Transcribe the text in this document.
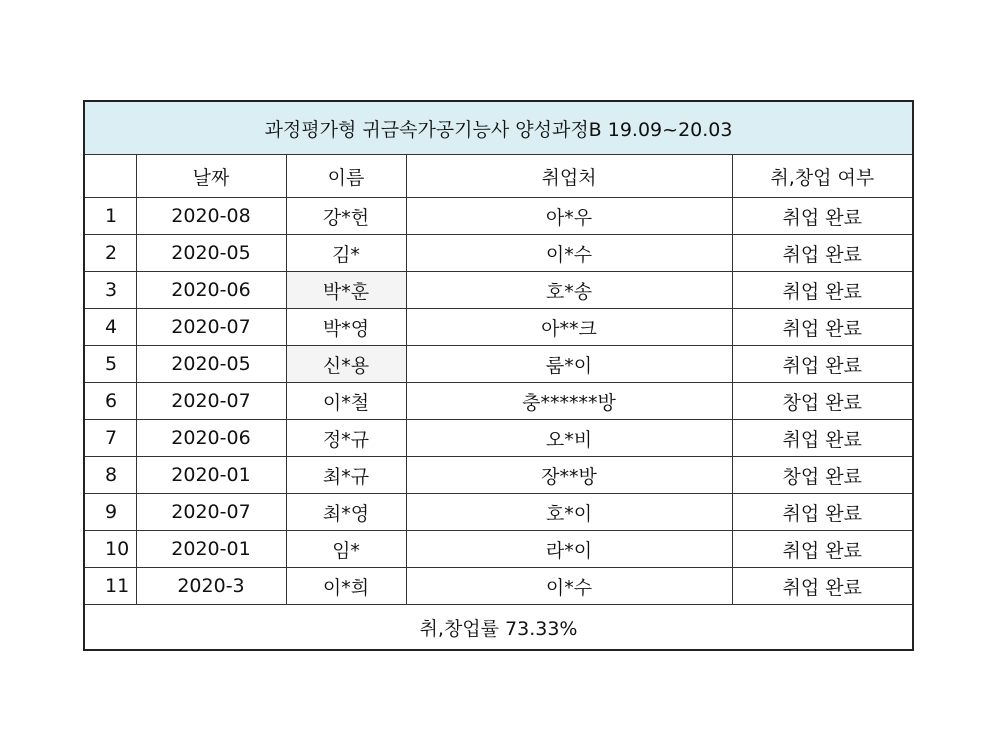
과정평가형 귀금속가공기능사 양성과정B 19.09~20.03				
	날짜	이름	취업처	취,창업 여부
1	2020-08	강*헌	아*우	취업 완료
2	2020-05	김*	이*수	취업 완료
3	2020-06	박*훈	호*송	취업 완료
4	2020-07	박*영	아**크	취업 완료
5	2020-05	신*용	룸*이	취업 완료
6	2020-07	이*철	충******방	창업 완료
7	2020-06	정*규	오*비	취업 완료
8	2020-01	최*규	장**방	창업 완료
9	2020-07	최*영	호*이	취업 완료
10	2020-01	임*	라*이	취업 완료
11	2020-3	이*희	이*수	취업 완료
취,창업률 73.33%				
